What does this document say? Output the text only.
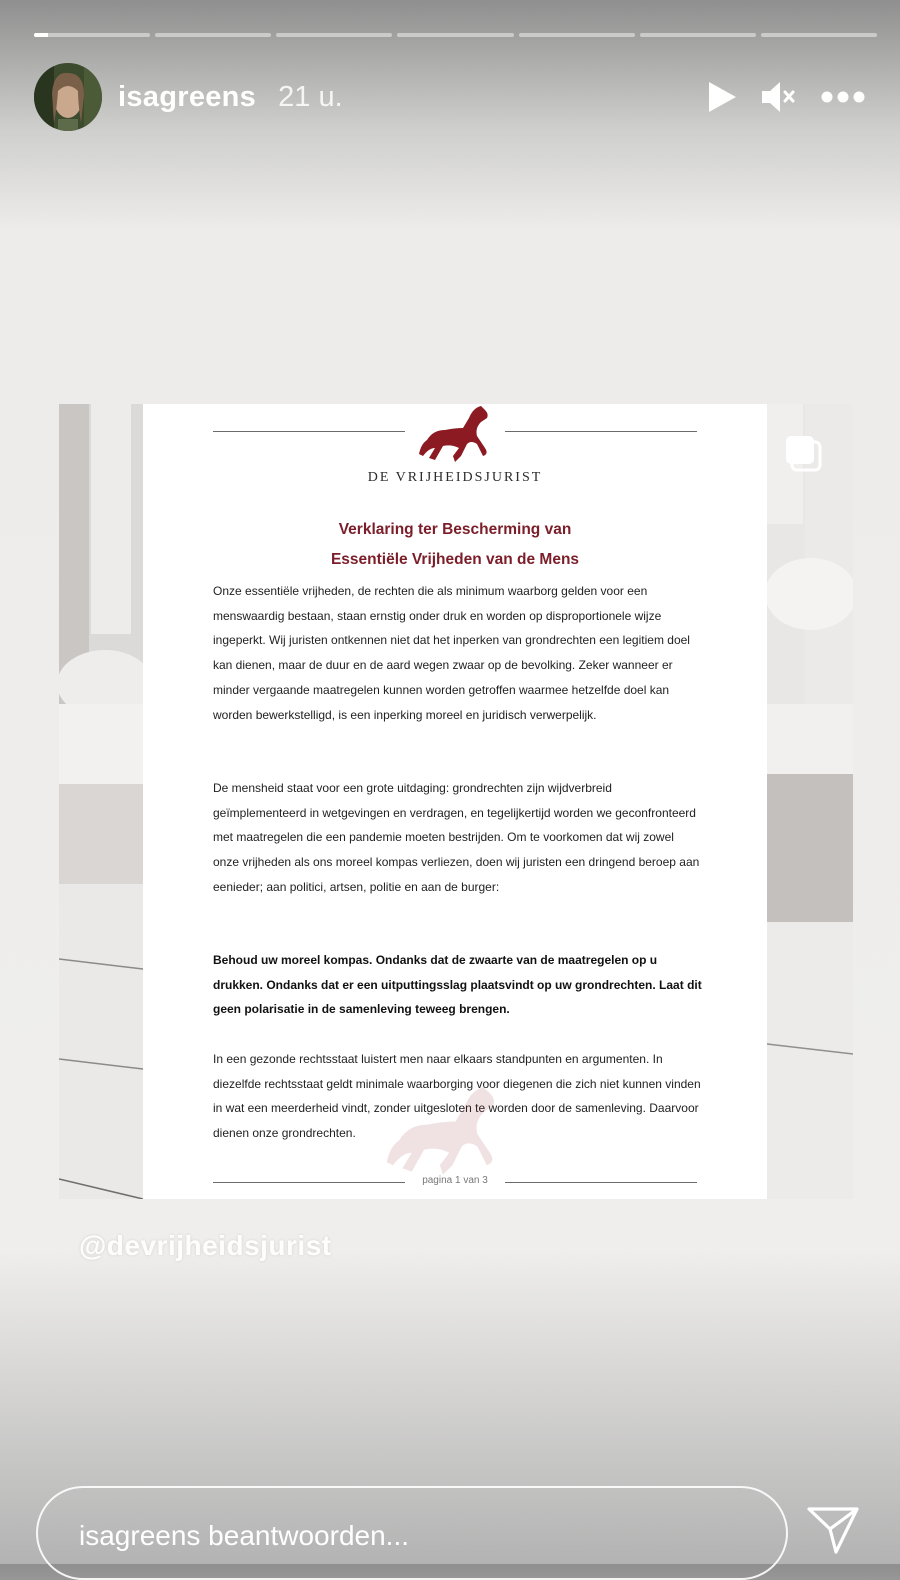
isagreens 21 u.
DE VRIJHEIDSJURIST
Verklaring ter Bescherming van
Essentiële Vrijheden van de Mens

Onze essentiële vrijheden, de rechten die als minimum waarborg gelden voor een menswaardig bestaan, staan ernstig onder druk en worden op disproportionele wijze ingeperkt. Wij juristen ontkennen niet dat het inperken van grondrechten een legitiem doel kan dienen, maar de duur en de aard wegen zwaar op de bevolking. Zeker wanneer er minder vergaande maatregelen kunnen worden getroffen waarmee hetzelfde doel kan worden bewerkstelligd, is een inperking moreel en juridisch verwerpelijk.

De mensheid staat voor een grote uitdaging: grondrechten zijn wijdverbreid geïmplementeerd in wetgevingen en verdragen, en tegelijkertijd worden we geconfronteerd met maatregelen die een pandemie moeten bestrijden. Om te voorkomen dat wij zowel onze vrijheden als ons moreel kompas verliezen, doen wij juristen een dringend beroep aan eenieder; aan politici, artsen, politie en aan de burger:

Behoud uw moreel kompas. Ondanks dat de zwaarte van de maatregelen op u drukken. Ondanks dat er een uitputtingsslag plaatsvindt op uw grondrechten. Laat dit geen polarisatie in de samenleving teweeg brengen.

In een gezonde rechtsstaat luistert men naar elkaars standpunten en argumenten. In diezelfde rechtsstaat geldt minimale waarborging voor diegenen die zich niet kunnen vinden in wat een meerderheid vindt, zonder uitgesloten te worden door de samenleving. Daarvoor dienen onze grondrechten.

pagina 1 van 3
@devrijheidsjurist
isagreens beantwoorden...
